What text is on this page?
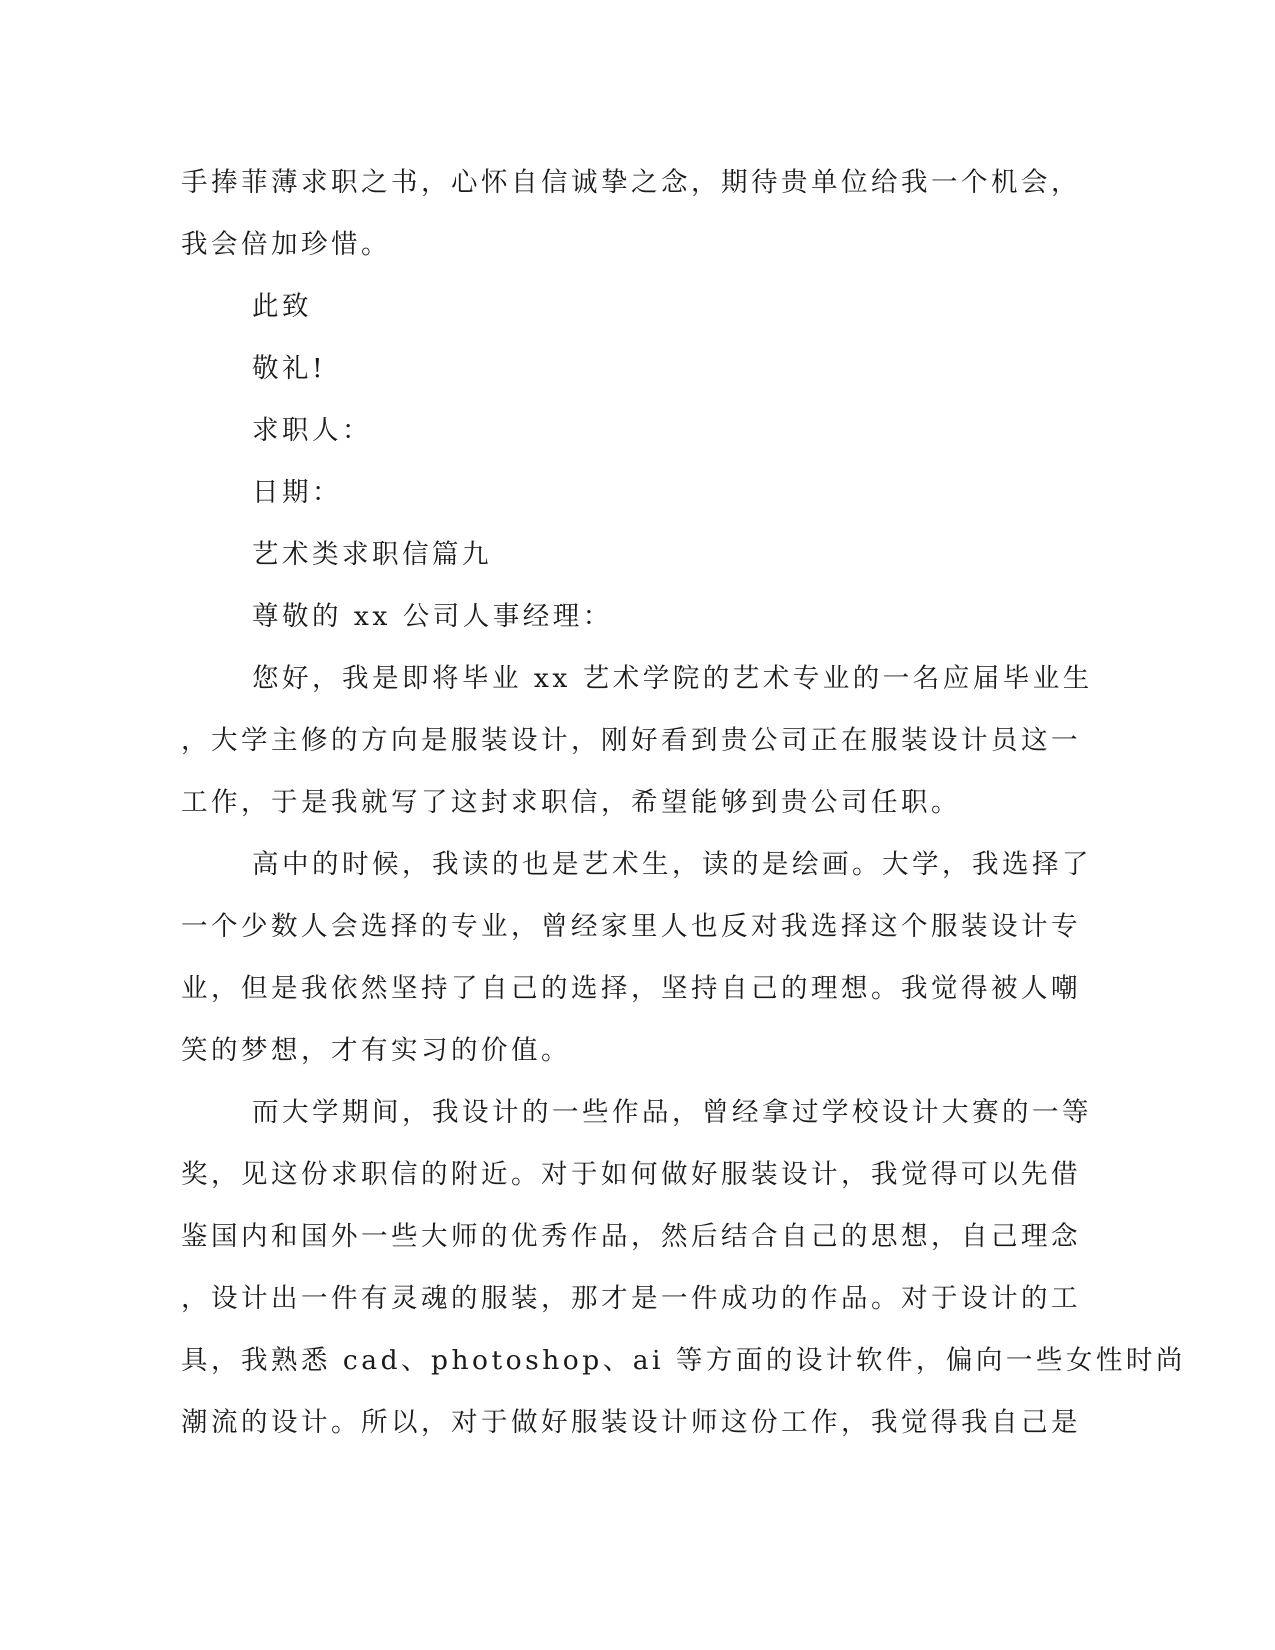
手捧菲薄求职之书，心怀自信诚挚之念，期待贵单位给我一个机会，
我会倍加珍惜。
此致
敬礼!
求职人：
日期：
艺术类求职信篇九
尊敬的 xx 公司人事经理：
您好，我是即将毕业 xx 艺术学院的艺术专业的一名应届毕业生
，大学主修的方向是服装设计，刚好看到贵公司正在服装设计员这一
工作，于是我就写了这封求职信，希望能够到贵公司任职。
高中的时候，我读的也是艺术生，读的是绘画。大学，我选择了
一个少数人会选择的专业，曾经家里人也反对我选择这个服装设计专
业，但是我依然坚持了自己的选择，坚持自己的理想。我觉得被人嘲
笑的梦想，才有实习的价值。
而大学期间，我设计的一些作品，曾经拿过学校设计大赛的一等
奖，见这份求职信的附近。对于如何做好服装设计，我觉得可以先借
鉴国内和国外一些大师的优秀作品，然后结合自己的思想，自己理念
，设计出一件有灵魂的服装，那才是一件成功的作品。对于设计的工
具，我熟悉 cad、photoshop、ai 等方面的设计软件，偏向一些女性时尚
潮流的设计。所以，对于做好服装设计师这份工作，我觉得我自己是
